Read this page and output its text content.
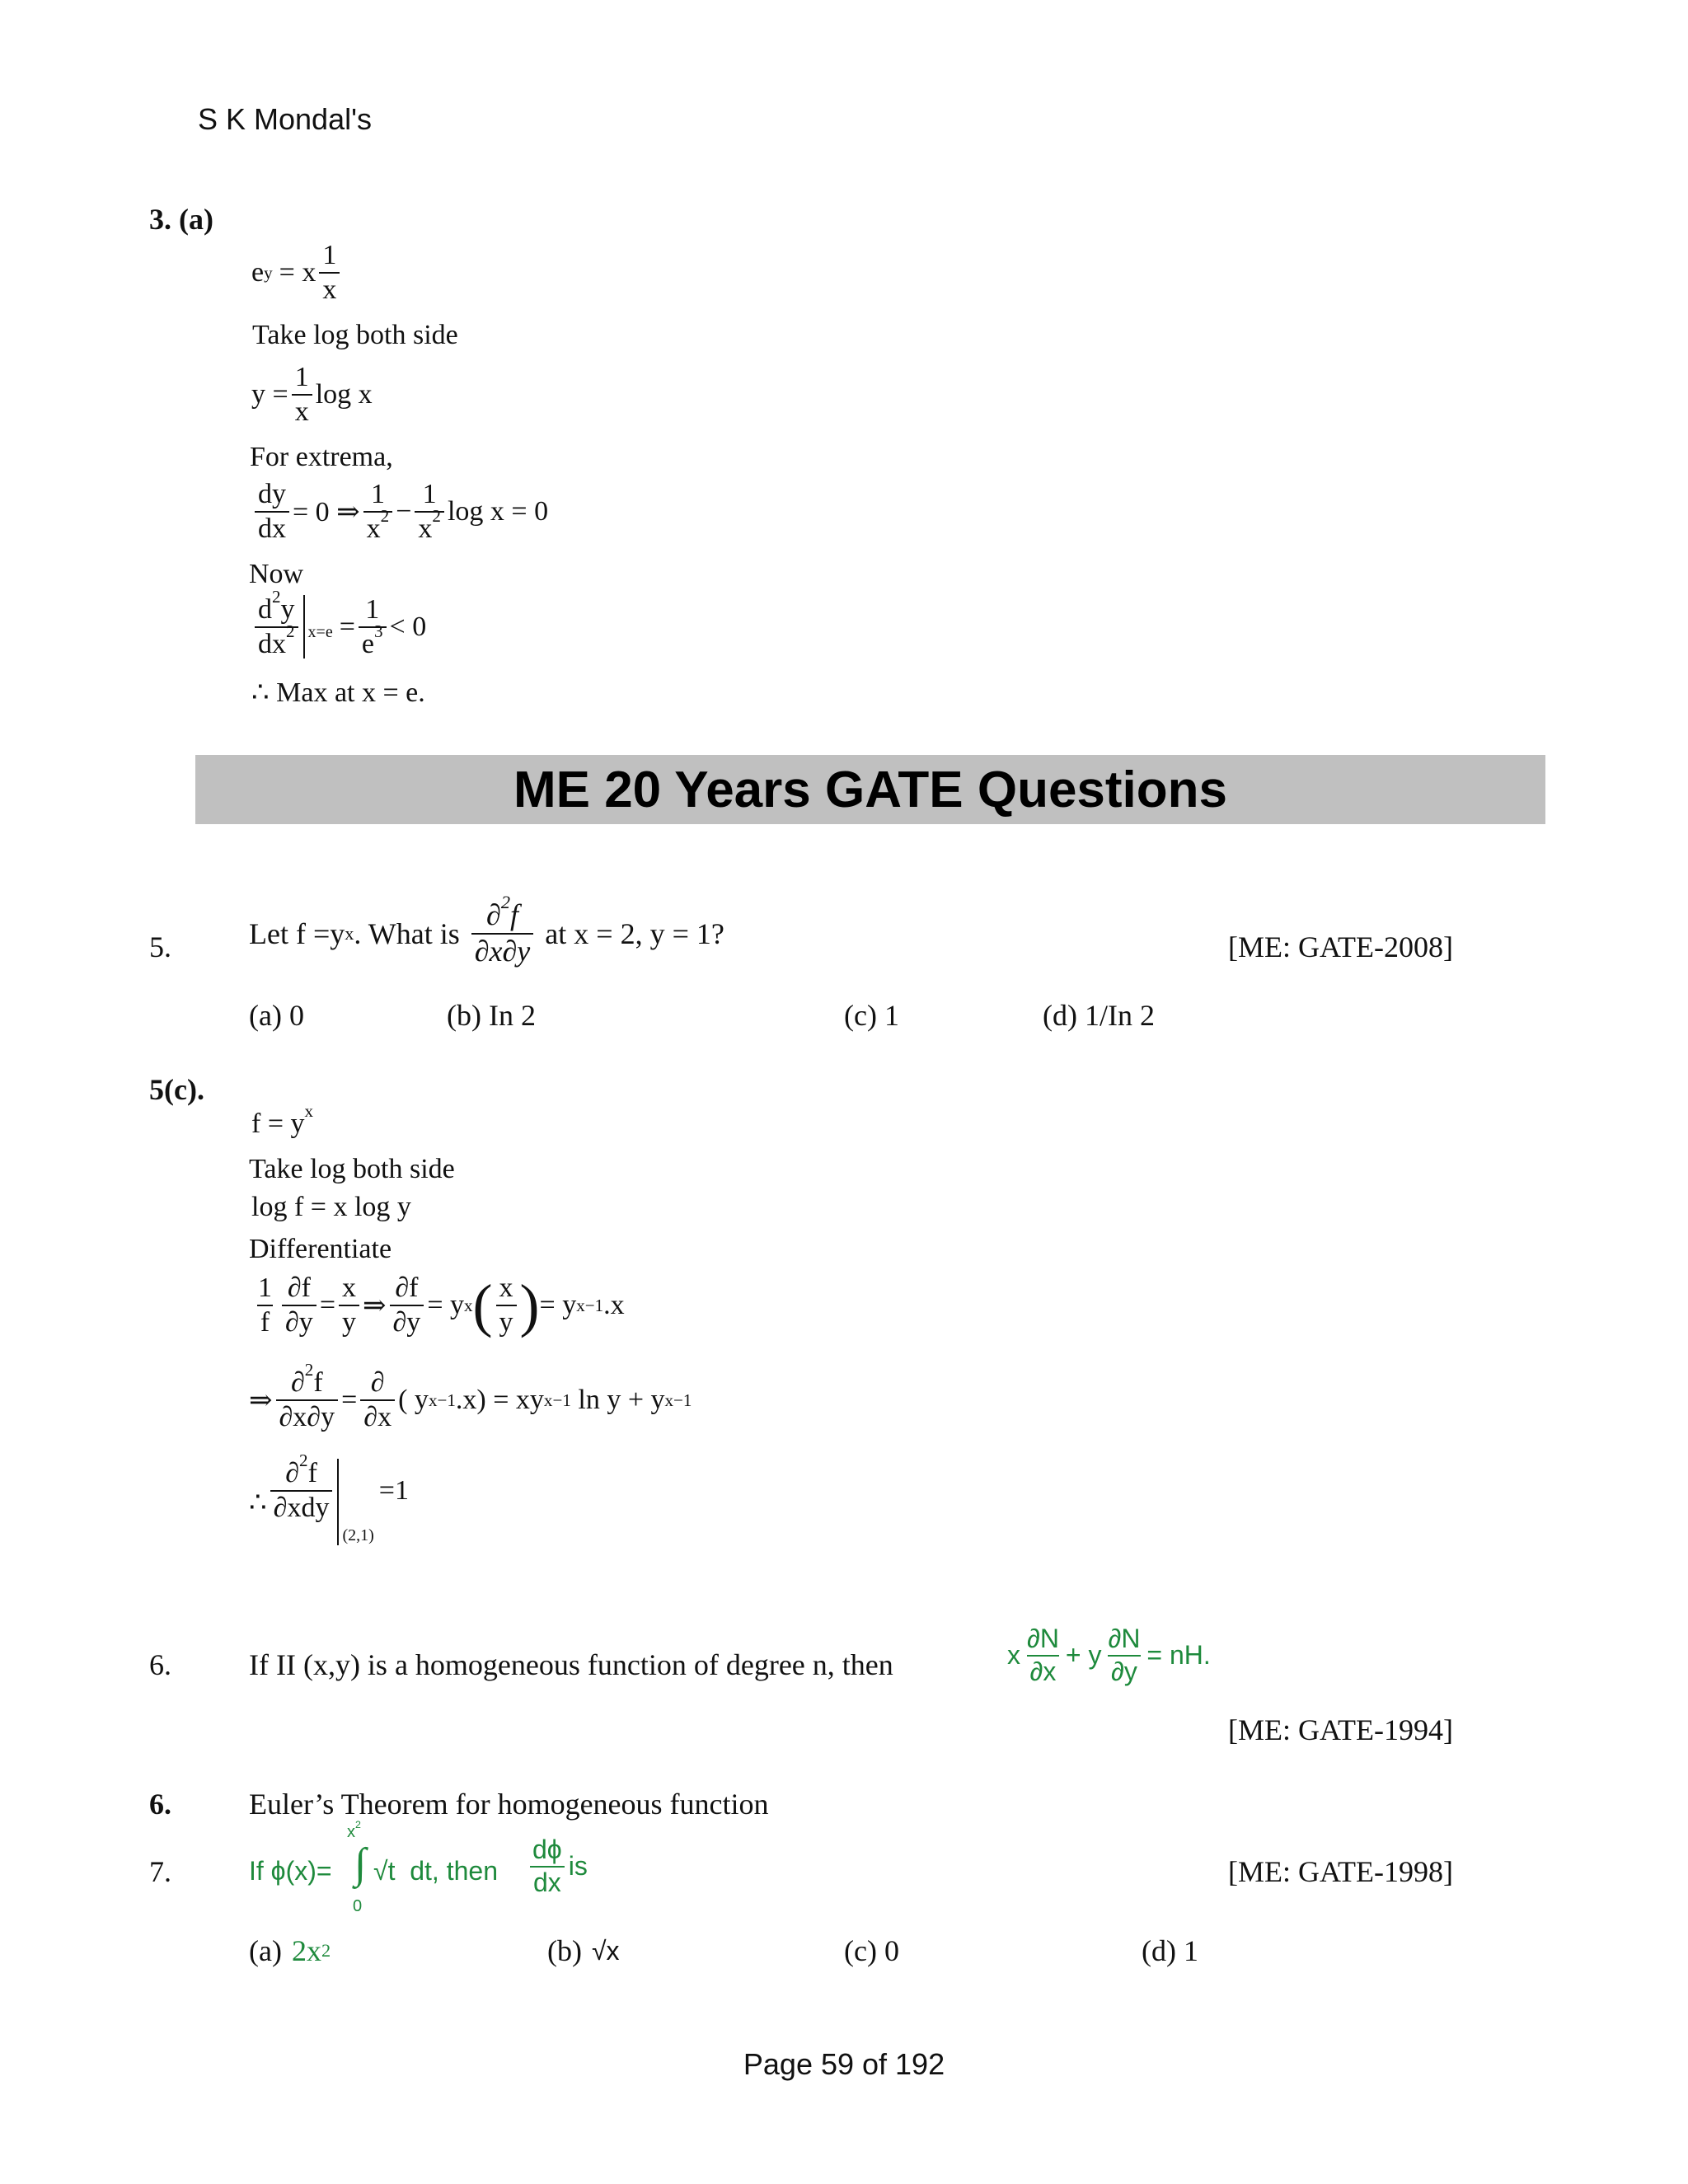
S K Mondal's
3. (a)
e y = x $\frac{1}{x}$
Take log both side
$y = \frac{1}{x}$ log x
For extrema,
$\frac{dy}{dx} = 0$ ⇒ $\frac{1}{x^2} - \frac{1}{x^2}$ log x = 0
Now
$\frac{d^2y}{dx^2} x=e = \frac{1}{e^3} < 0$
∴ Max at x = e.
ME 20 Years GATE Questions
5.	Let f =y x . What is $\frac{\partial^2f}{\partial x\partial y}$ at x = 2, y = 1?	[ME: GATE-2008]
(a) 0	(b) In 2	(c) 1	(d) 1/In 2
5(c).
$f = y^x$
Take log both side
log f = x log y
Differentiate
$\frac{1}{f} \frac{\partial f}{\partial y} = \frac{x}{y}$ ⇒ $\frac{\partial f}{\partial y} = y$ x ( $\frac{x}{y}$ ) = y x−1 .x
⇒ $\frac{\partial^2f}{\partial x\partial y} = \frac{\partial}{\partial x}$ ( y x−1 .x) = xy x−1 ln y + y x−1
∴ $\frac{\partial^2f}{\text{∂xdy}} (2,1)$
=1
6.	If II (x,y) is a homogeneous function of degree n, then	x $\frac{\partial N}{\partial x} + y \frac{\partial N}{\partial y}$ = nH.
[ME: GATE-1994]
6.	Euler’s Theorem for homogeneous function
7.	If ϕ(x)=
$x^2$
∫
0
√t  dt, then $\frac{d\phi}{dx}$ is	[ME: GATE-1998]
(a) 2x 2	(b) √x	(c) 0	(d) 1
Page 59 of 192
